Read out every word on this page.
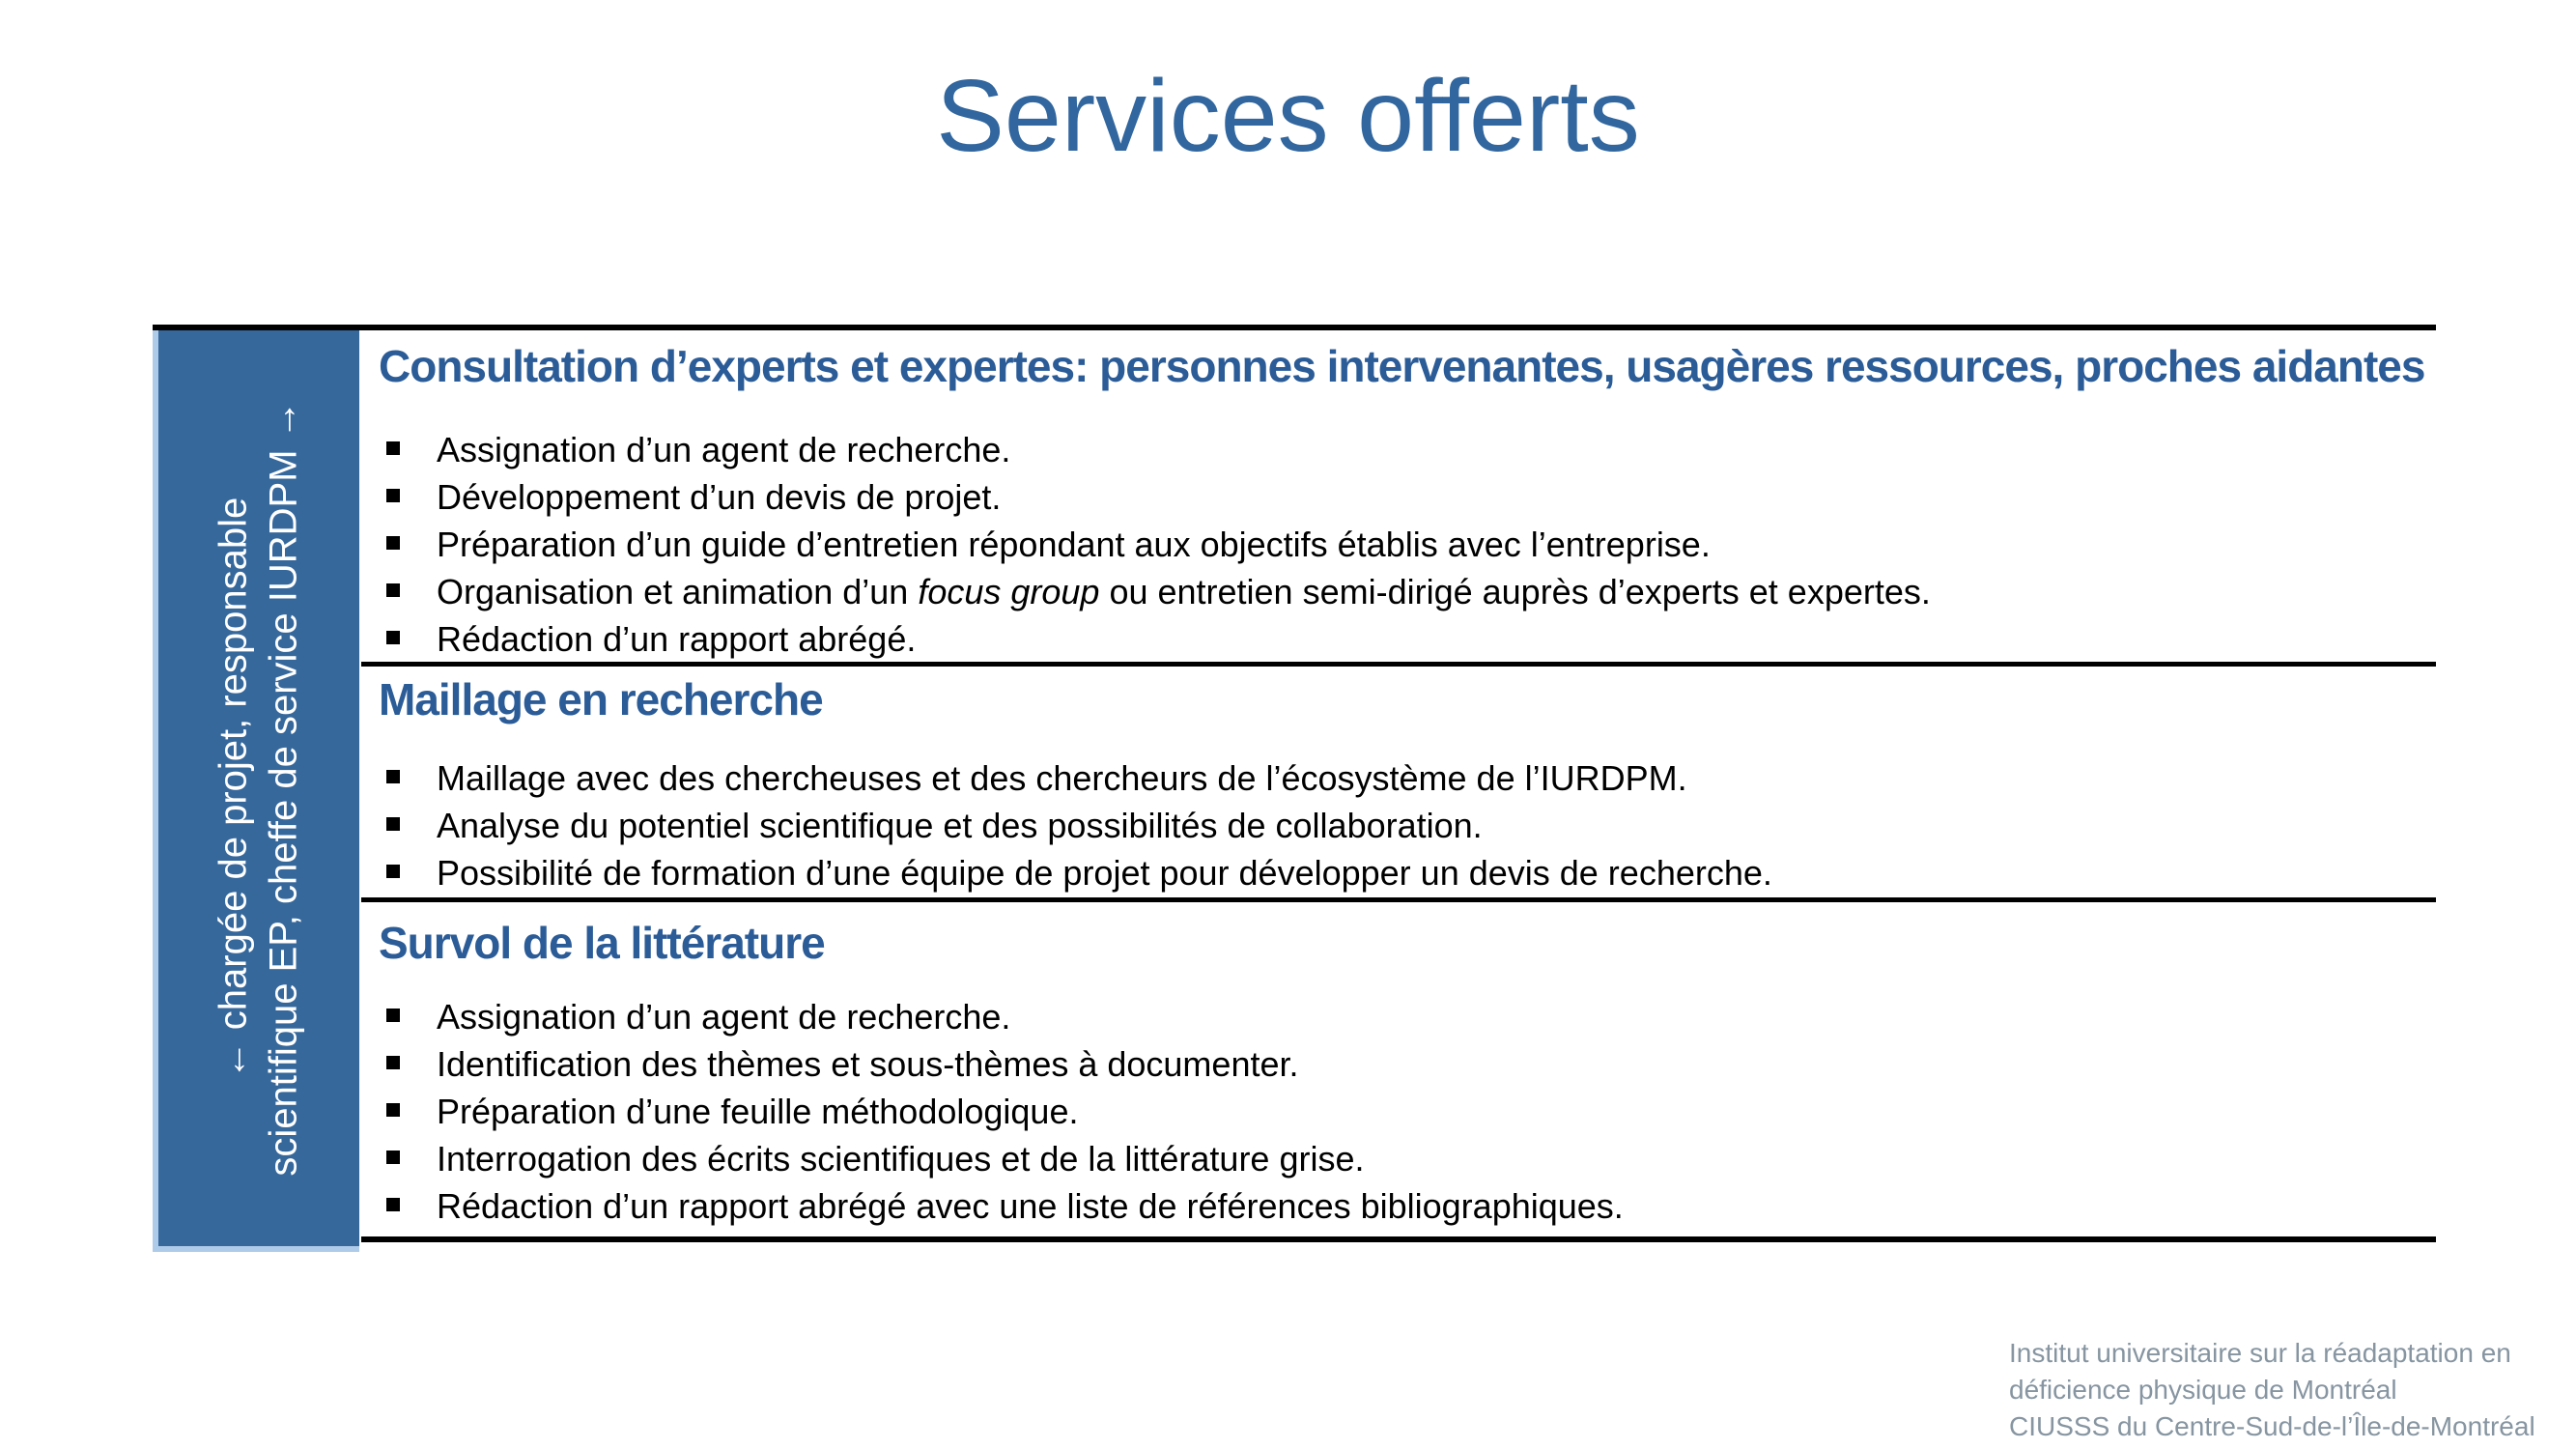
Services offerts
← chargée de projet, responsable scientifique EP, cheffe de service IURDPM →
Consultation d’experts et expertes: personnes intervenantes, usagères ressources, proches aidantes
Assignation d’un agent de recherche.
Développement d’un devis de projet.
Préparation d’un guide d’entretien répondant aux objectifs établis avec l’entreprise.
Organisation et animation d’un focus group ou entretien semi-dirigé auprès d’experts et expertes.
Rédaction d’un rapport abrégé.
Maillage en recherche
Maillage avec des chercheuses et des chercheurs de l’écosystème de l’IURDPM.
Analyse du potentiel scientifique et des possibilités de collaboration.
Possibilité de formation d’une équipe de projet pour développer un devis de recherche.
Survol de la littérature
Assignation d’un agent de recherche.
Identification des thèmes et sous-thèmes à documenter.
Préparation d’une feuille méthodologique.
Interrogation des écrits scientifiques et de la littérature grise.
Rédaction d’un rapport abrégé avec une liste de références bibliographiques.
Institut universitaire sur la réadaptation en
déficience physique de Montréal
CIUSSS du Centre-Sud-de-l’Île-de-Montréal
